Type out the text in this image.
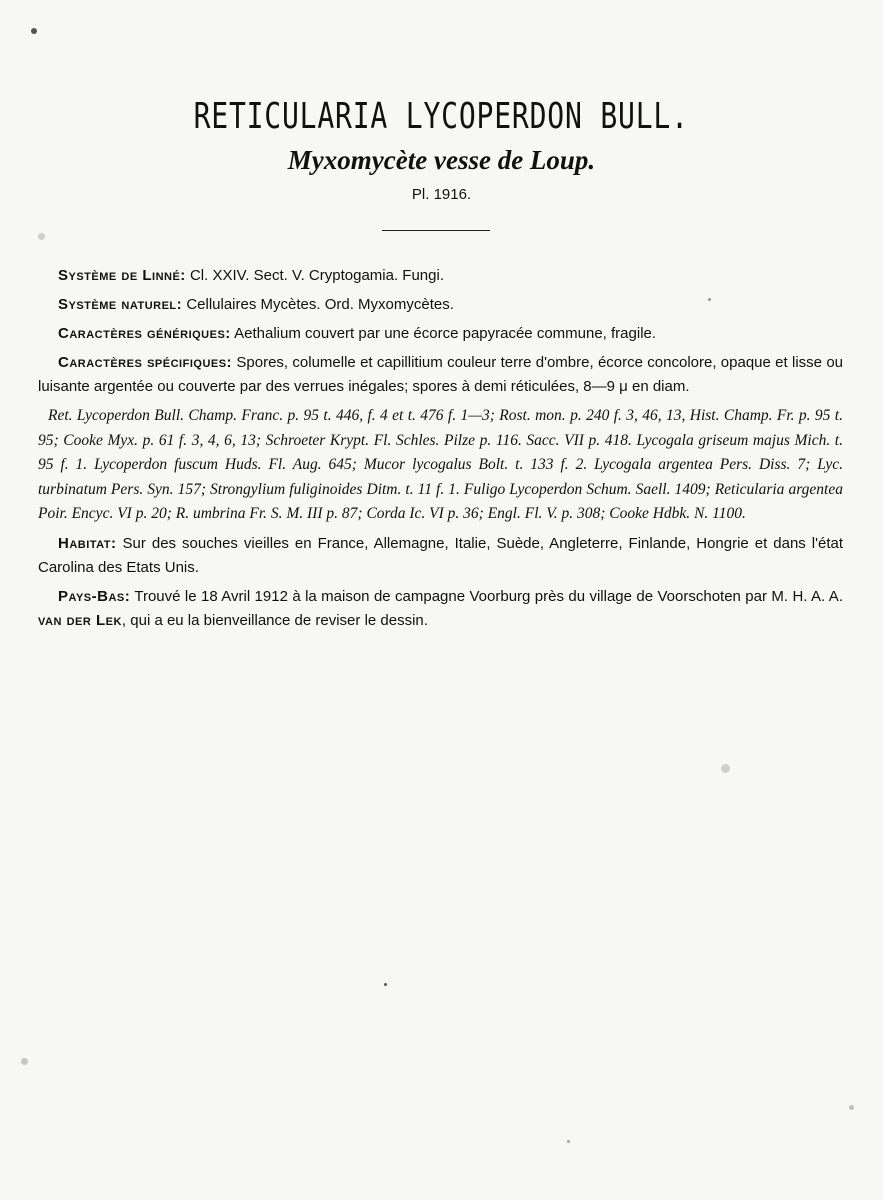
RETICULARIA LYCOPERDON BULL.
Myxomycète vesse de Loup.

Pl. 1916.

Système de Linné: Cl. XXIV. Sect. V. Cryptogamia. Fungi.

Système naturel: Cellulaires Mycètes. Ord. Myxomycètes.

Caractères génériques: Aethalium couvert par une écorce papyracée commune, fragile.

Caractères spécifiques: Spores, columelle et capillitium couleur terre d'ombre, écorce concolore, opaque et lisse ou luisante argentée ou couverte par des verrues inégales; spores à demi réticulées, 8—9 μ en diam.

Ret. Lycoperdon Bull. Champ. Franc. p. 95 t. 446, f. 4 et t. 476 f. 1—3; Rost. mon. p. 240 f. 3, 46, 13, Hist. Champ. Fr. p. 95 t. 95; Cooke Myx. p. 61 f. 3, 4, 6, 13; Schroeter Krypt. Fl. Schles. Pilze p. 116. Sacc. VII p. 418. Lycogala griseum majus Mich. t. 95 f. 1. Lycoperdon fuscum Huds. Fl. Aug. 645; Mucor lycogalus Bolt. t. 133 f. 2. Lycogala argentea Pers. Diss. 7; Lyc. turbinatum Pers. Syn. 157; Strongylium fuliginoides Ditm. t. 11 f. 1. Fuligo Lycoperdon Schum. Saell. 1409; Reticularia argentea Poir. Encyc. VI p. 20; R. umbrina Fr. S. M. III p. 87; Corda Ic. VI p. 36; Engl. Fl. V. p. 308; Cooke Hdbk. N. 1100.

Habitat: Sur des souches vieilles en France, Allemagne, Italie, Suède, Angleterre, Finlande, Hongrie et dans l'état Carolina des Etats Unis.

Pays-Bas: Trouvé le 18 Avril 1912 à la maison de campagne Voorburg près du village de Voorschoten par M. H. A. A. van der Lek, qui a eu la bienveillance de reviser le dessin.
